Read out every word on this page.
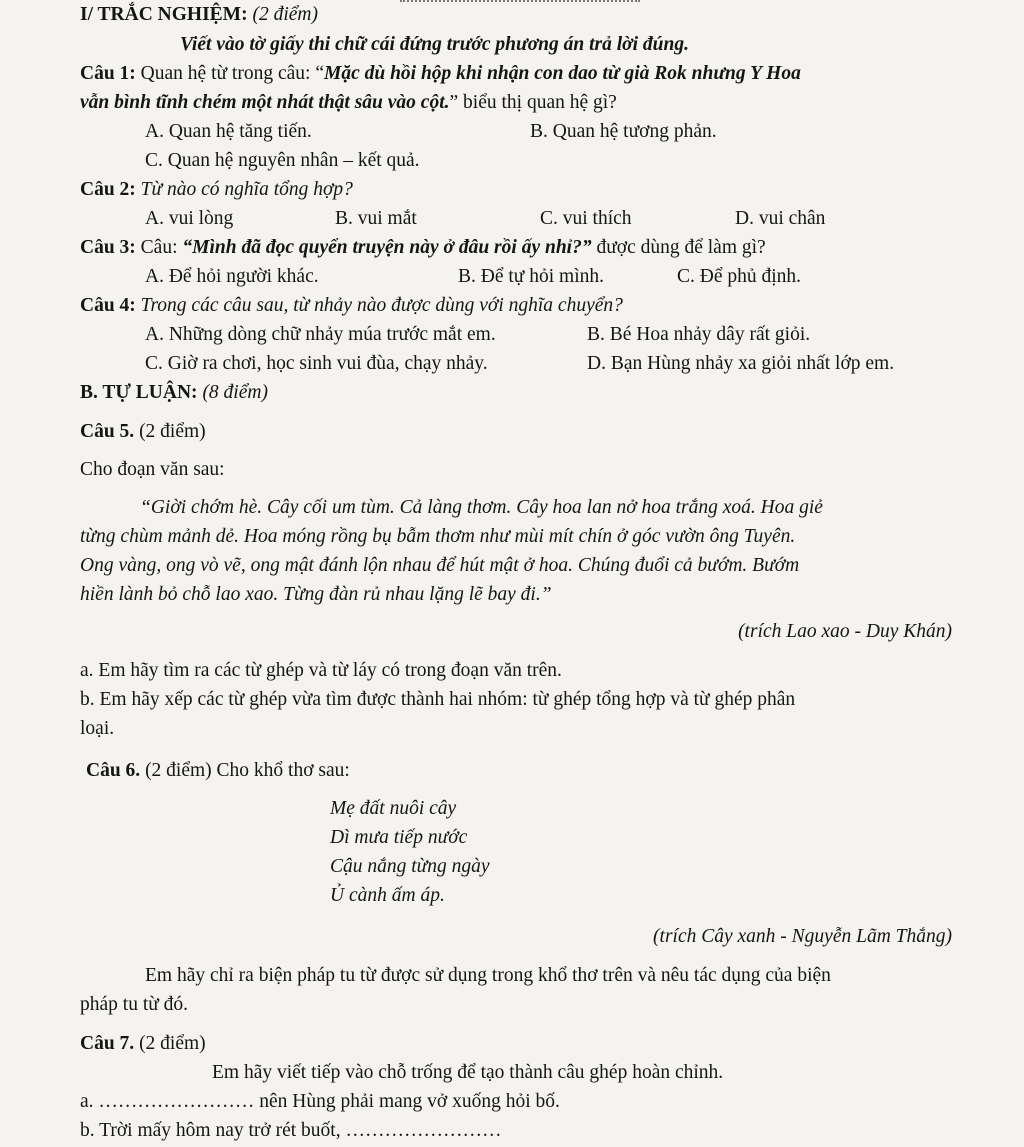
I/ TRẮC NGHIỆM: (2 điểm)
Viết vào tờ giấy thi chữ cái đứng trước phương án trả lời đúng.
Câu 1: Quan hệ từ trong câu: “Mặc dù hồi hộp khi nhận con dao từ già Rok nhưng Y Hoa
vẫn bình tĩnh chém một nhát thật sâu vào cột.” biểu thị quan hệ gì?
A. Quan hệ tăng tiến.	B. Quan hệ tương phản.
C. Quan hệ nguyên nhân – kết quả.
Câu 2: Từ nào có nghĩa tổng hợp?
A. vui lòng	B. vui mắt	C. vui thích	D. vui chân
Câu 3: Câu: “Mình đã đọc quyển truyện này ở đâu rồi ấy nhỉ?” được dùng để làm gì?
A. Để hỏi người khác.	B. Để tự hỏi mình.	C. Để phủ định.
Câu 4: Trong các câu sau, từ nhảy nào được dùng với nghĩa chuyển?
A. Những dòng chữ nhảy múa trước mắt em.	B. Bé Hoa nhảy dây rất giỏi.
C. Giờ ra chơi, học sinh vui đùa, chạy nhảy.	D. Bạn Hùng nhảy xa giỏi nhất lớp em.
B. TỰ LUẬN: (8 điểm)
Câu 5. (2 điểm)
Cho đoạn văn sau:
“Giời chớm hè. Cây cối um tùm. Cả làng thơm. Cây hoa lan nở hoa trắng xoá. Hoa giẻ
từng chùm mảnh dẻ. Hoa móng rồng bụ bẫm thơm như mùi mít chín ở góc vườn ông Tuyên.
Ong vàng, ong vò vẽ, ong mật đánh lộn nhau để hút mật ở hoa. Chúng đuổi cả bướm. Bướm
hiền lành bỏ chỗ lao xao. Từng đàn rủ nhau lặng lẽ bay đi.”
(trích Lao xao - Duy Khán)
a. Em hãy tìm ra các từ ghép và từ láy có trong đoạn văn trên.
b. Em hãy xếp các từ ghép vừa tìm được thành hai nhóm: từ ghép tổng hợp và từ ghép phân
loại.
Câu 6. (2 điểm) Cho khổ thơ sau:
Mẹ đất nuôi cây
Dì mưa tiếp nước
Cậu nắng từng ngày
Ủ cành ấm áp.
(trích Cây xanh - Nguyễn Lãm Thắng)
Em hãy chỉ ra biện pháp tu từ được sử dụng trong khổ thơ trên và nêu tác dụng của biện
pháp tu từ đó.
Câu 7. (2 điểm)
Em hãy viết tiếp vào chỗ trống để tạo thành câu ghép hoàn chỉnh.
a. …………………… nên Hùng phải mang vở xuống hỏi bố.
b. Trời mấy hôm nay trở rét buốt, ……………………
